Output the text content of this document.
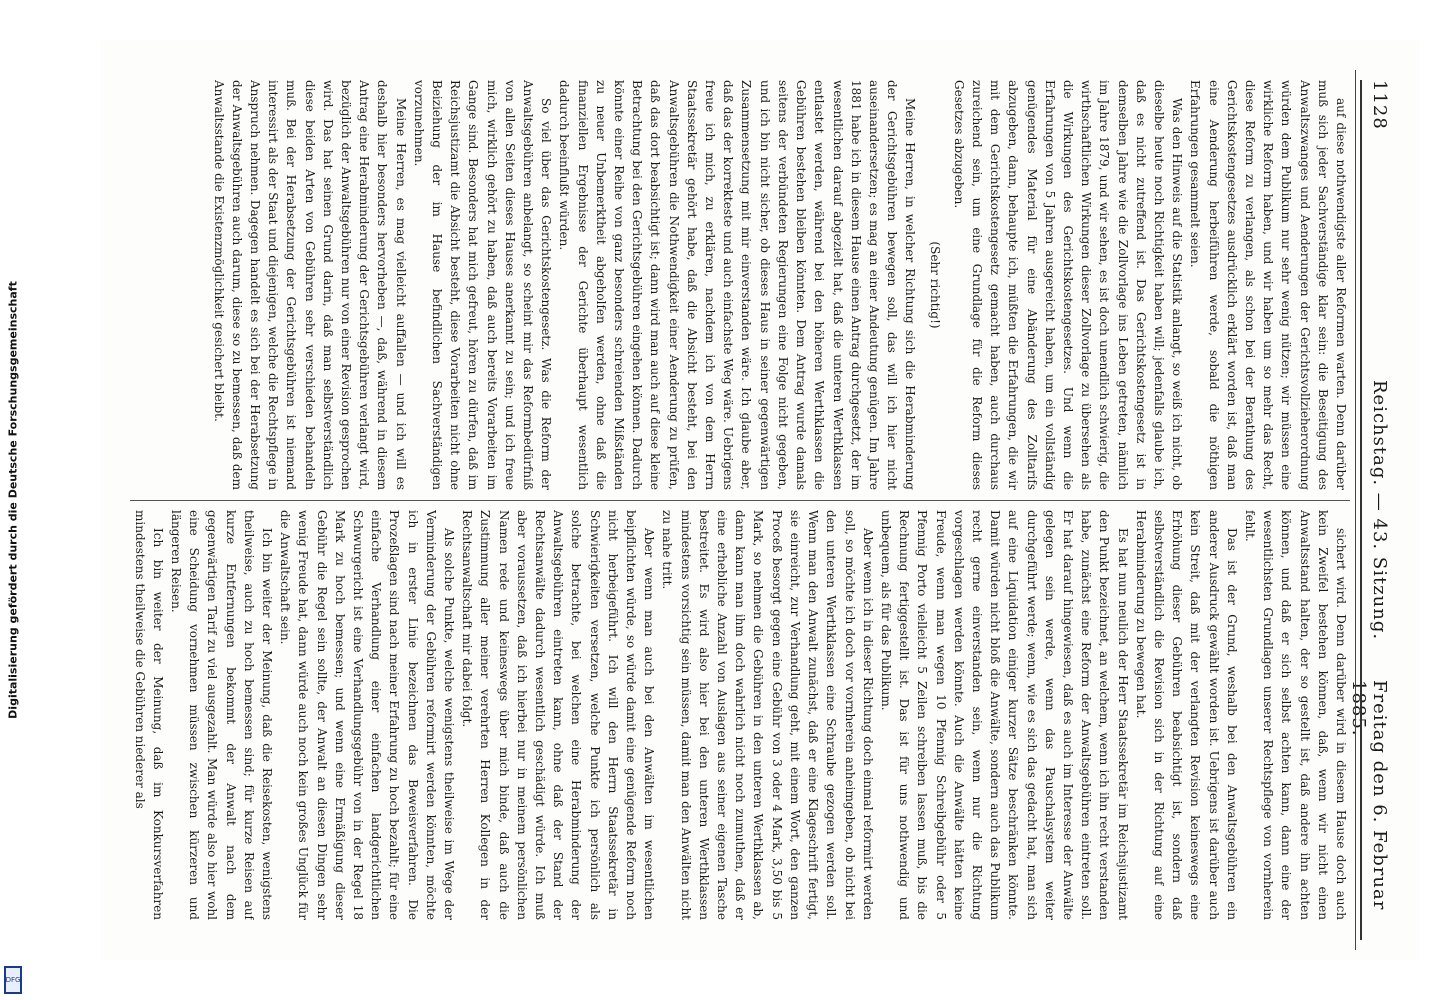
Digitalisierung gefördert durch die Deutsche Forschungsgemeinschaft
DFG
1128
Reichstag. — 43. Sitzung.
Freitag den 6. Februar 1885.

auf diese nothwendigste aller Reformen warten. Denn darüber muß sich jeder Sachverständige klar sein: die Beseitigung des Anwaltszwanges und Aenderungen der Gerichtsvollzieherordnung würden dem Publikum nur sehr wenig nützen; wir müssen eine wirkliche Reform haben, und wir haben um so mehr das Recht, diese Reform zu verlangen, als schon bei der Berathung des Gerichtskostengesetzes ausdrücklich erklärt worden ist, daß man eine Aenderung herbeiführen werde, sobald die nöthigen Erfahrungen gesammelt seien.

Was den Hinweis auf die Statistik anlangt, so weiß ich nicht, ob dieselbe heute noch Richtigkeit haben will; jedenfalls glaube ich, daß es nicht zutreffend ist. Das Gerichtskostengesetz ist in demselben Jahre wie die Zollvorlage ins Leben getreten, nämlich im Jahre 1879, und wir sehen, es ist doch unendlich schwierig, die wirthschaftlichen Wirkungen dieser Zollvorlage zu übersehen als die Wirkungen des Gerichtskostengesetzes. Und wenn die Erfahrungen von 5 Jahren ausgereicht haben, um ein vollständig genügendes Material für eine Abänderung des Zolltarifs abzugeben, dann, behaupte ich, müßten die Erfahrungen, die wir mit dem Gerichtskostengesetz gemacht haben, auch durchaus zureichend sein, um eine Grundlage für die Reform dieses Gesetzes abzugeben.

(Sehr richtig!)

Meine Herren, in welcher Richtung sich die Herabminderung der Gerichtsgebühren bewegen soll, das will ich hier nicht auseinandersetzen; es mag an einer Andeutung genügen. Im Jahre 1881 habe ich in diesem Hause einen Antrag durchgesetzt, der im wesentlichen darauf abgezielt hat, daß die unteren Werthklassen entlastet werden, während bei den höheren Werthklassen die Gebühren bestehen bleiben könnten. Dem Antrag wurde damals seitens der verbündeten Regierungen eine Folge nicht gegeben, und ich bin nicht sicher, ob dieses Haus in seiner gegenwärtigen Zusammensetzung mit mir einverstanden wäre. Ich glaube aber, daß das der korrekteste und auch einfachste Weg wäre. Uebrigens freue ich mich, zu erklären, nachdem ich von dem Herrn Staatssekretär gehört habe, daß die Absicht besteht, bei den Anwaltsgebühren die Nothwendigkeit einer Aenderung zu prüfen, daß das dort beabsichtigt ist; dann wird man auch auf diese kleine Betrachtung bei den Gerichtsgebühren eingehen können. Dadurch könnte einer Reihe von ganz besonders schreienden Mißständen zu neuer Unbemerktheit abgeholfen werden, ohne daß die finanziellen Ergebnisse der Gerichte überhaupt wesentlich dadurch beeinflußt würden.

So viel über das Gerichtskostengesetz. Was die Reform der Anwaltsgebühren anbelangt, so scheint mir das Reformbedürfniß von allen Seiten dieses Hauses anerkannt zu sein; und ich freue mich, wirklich gehört zu haben, daß auch bereits Vorarbeiten im Gange sind. Besonders hat mich gefreut, hören zu dürfen, daß im Reichsjustizamt die Absicht besteht, diese Vorarbeiten nicht ohne Beiziehung der im Hause befindlichen Sachverständigen vorzunehmen.

Meine Herren, es mag vielleicht auffallen — und ich will es deshalb hier besonders hervorheben —, daß, während in diesem Antrag eine Herabminderung der Gerichtsgebühren verlangt wird, bezüglich der Anwaltsgebühren nur von einer Revision gesprochen wird. Das hat seinen Grund darin, daß man selbstverständlich diese beiden Arten von Gebühren sehr verschieden behandeln muß. Bei der Herabsetzung der Gerichtsgebühren ist niemand interessirt als der Staat und diejenigen, welche die Rechtspflege in Anspruch nehmen. Dagegen handelt es sich bei der Herabsetzung der Anwaltsgebühren auch darum, diese so zu bemessen, daß dem Anwaltsstande die Existenzmöglichkeit gesichert bleibt.

sichert wird. Denn darüber wird in diesem Hause doch auch kein Zweifel bestehen können, daß, wenn wir nicht einen Anwaltsstand halten, der so gestellt ist, daß andere ihn achten können, und daß er sich selbst achten kann, dann eine der wesentlichsten Grundlagen unserer Rechtspflege von vornherein fehlt.

Das ist der Grund, weshalb bei den Anwaltsgebühren ein anderer Ausdruck gewählt worden ist. Uebrigens ist darüber auch kein Streit, daß mit der verlangten Revision keineswegs eine Erhöhung dieser Gebühren beabsichtigt ist, sondern daß selbstverständlich die Revision sich in der Richtung auf eine Herabminderung zu bewegen hat.

Es hat nun neulich der Herr Staatssekretär im Reichsjustizamt den Punkt bezeichnet, an welchem, wenn ich ihn recht verstanden habe, zunächst eine Reform der Anwaltsgebühren eintreten soll. Er hat darauf hingewiesen, daß es auch im Interesse der Anwälte gelegen sein werde, wenn das Pauschalsystem weiter durchgeführt werde; wenn, wie es sich das gedacht hat, man sich auf eine Liquidation einiger kurzer Sätze beschränken könnte. Damit würden nicht bloß die Anwälte, sondern auch das Publikum recht gerne einverstanden sein, wenn nur die Richtung vorgeschlagen werden könnte. Auch die Anwälte hätten keine Freude, wenn man wegen 10 Pfennig Schreibgebühr oder 5 Pfennig Porto vielleicht 5 Zeilen schreiben lassen muß, bis die Rechnung fertiggestellt ist. Das ist für uns nothwendig und unbequem, als für das Publikum.

Aber wenn ich in dieser Richtung doch einmal reformirt werden soll, so möchte ich doch vor vornherein anheimgeben, ob nicht bei den unteren Werthklassen eine Schraube gezogen werden soll. Wenn man den Anwalt zunächst, daß er eine Klageschrift fertigt, sie einreicht, zur Verhandlung geht, mit einem Wort, den ganzen Proceß besorgt gegen eine Gebühr von 3 oder 4 Mark, 3,50 bis 5 Mark, so nehmen die Gebühren in den unteren Werthklassen ab, dann kann man ihm doch wahrlich nicht noch zumuthen, daß er eine erhebliche Anzahl von Auslagen aus seiner eigenen Tasche bestreitet. Es wird also hier bei den unteren Werthklassen mindestens vorsichtig sein müssen, damit man den Anwälten nicht zu nahe tritt.

Aber wenn man auch bei den Anwälten im wesentlichen beipflichten würde, so würde damit eine genügende Reform noch nicht herbeigeführt. Ich will den Herrn Staatssekretär in Schwierigkeiten versetzen, welche Punkte ich persönlich als solche betrachte, bei welchen eine Herabminderung der Anwaltsgebühren eintreten kann, ohne daß der Stand der Rechtsanwälte dadurch wesentlich geschädigt würde. Ich muß aber voraussetzen, daß ich hierbei nur in meinem persönlichen Namen rede und keineswegs über mich binde, daß auch die Zustimmung aller meiner verehrten Herren Kollegen in der Rechtsanwaltschaft mir dabei folgt.

Als solche Punkte, welche wenigstens theilweise im Wege der Verminderung der Gebühren reformirt werden könnten, möchte ich in erster Linie bezeichnen das Beweisverfahren. Die Prozeßlagen sind nach meiner Erfahrung zu hoch bezahlt; für eine einfache Verhandlung einer einfachen landgerichtlichen Schwurgericht ist eine Verhandlungsgebühr von in der Regel 18 Mark zu hoch bemessen; und wenn eine Ermäßigung dieser Gebühr die Regel sein sollte, der Anwalt an diesen Dingen sehr wenig Freude hat, dann würde auch noch kein großes Unglück für die Anwaltschaft sein.

Ich bin weiter der Meinung, daß die Reisekosten, wenigstens theilweise, auch zu hoch bemessen sind; für kurze Reisen auf kurze Entfernungen bekommt der Anwalt nach dem gegenwärtigen Tarif zu viel ausgezahlt. Man würde also hier wohl eine Scheidung vornehmen müssen zwischen kürzeren und längeren Reisen.

Ich bin weiter der Meinung, daß im Konkursverfahren mindestens theilweise die Gebühren niederer als
